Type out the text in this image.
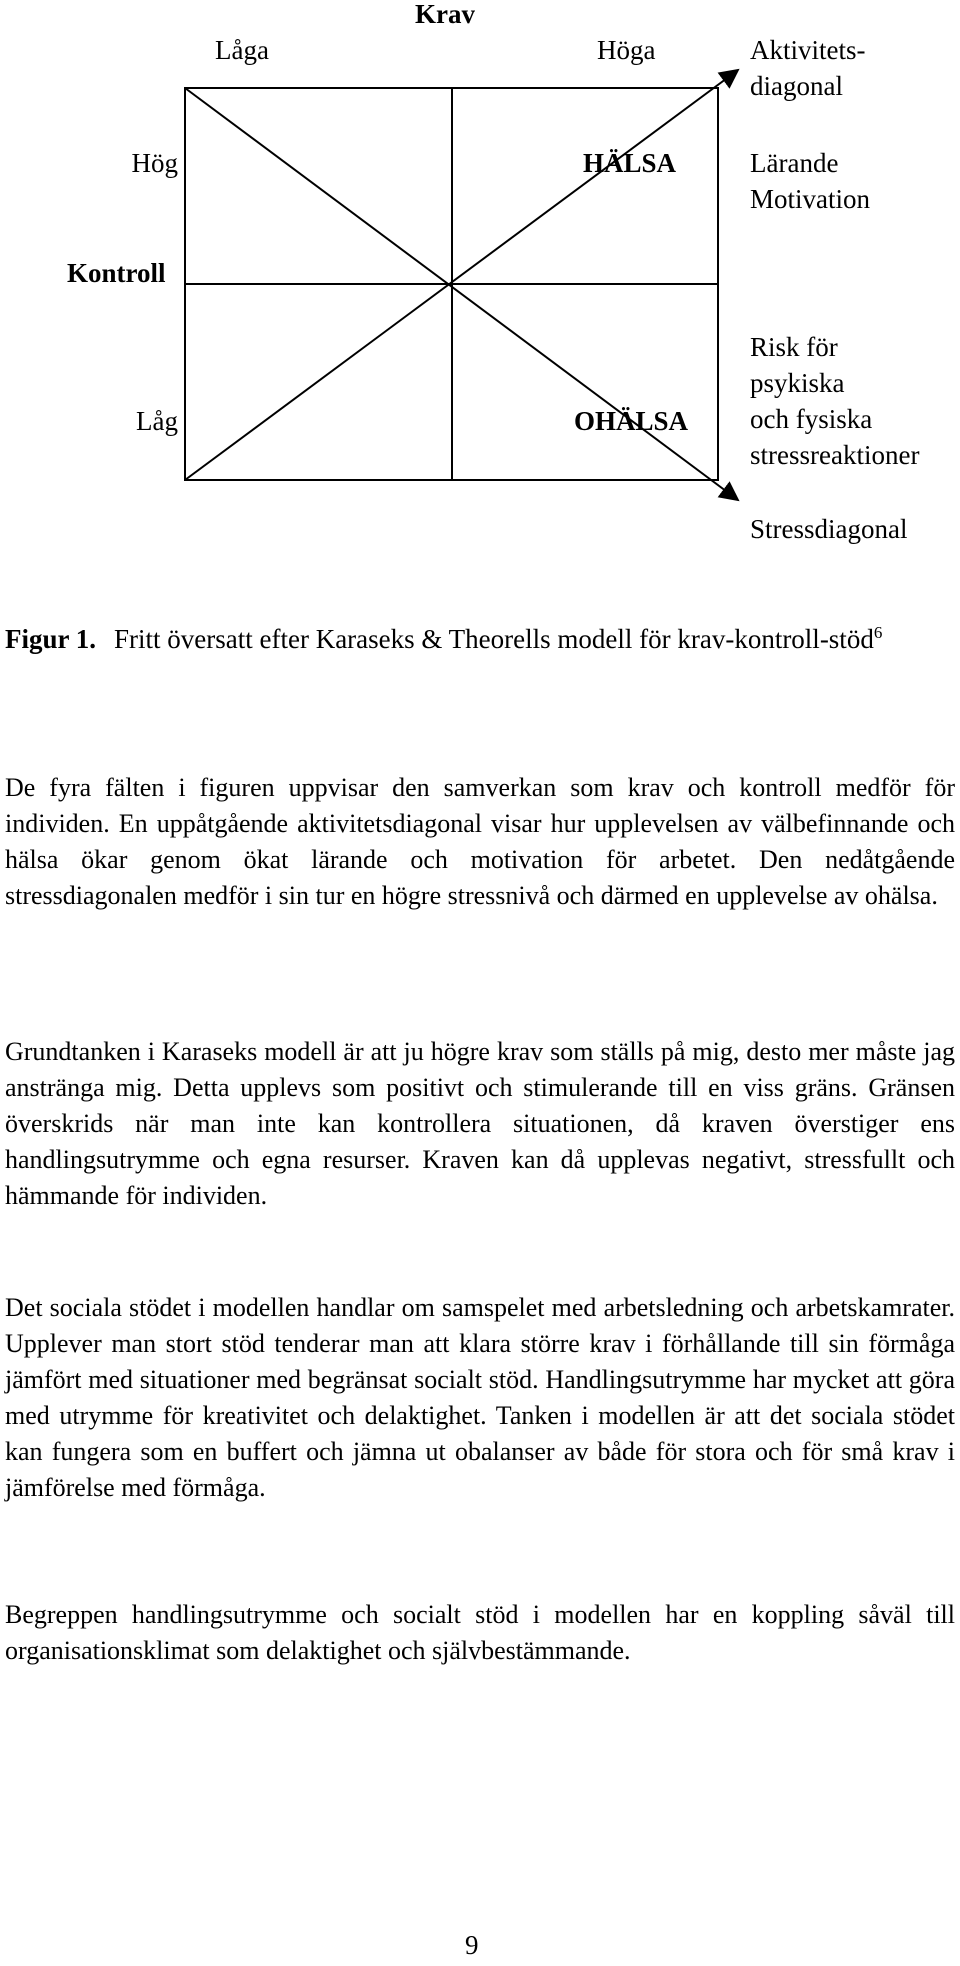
Krav
Låga	Höga	Aktivitets-
diagonal
Hög	HÄLSA	Lärande
Motivation
Kontroll
Risk för
psykiska
Låg	OHÄLSA och fysiska
stressreaktioner
Stressdiagonal
Figur 1. Fritt översatt efter Karaseks & Theorells modell för krav-kontroll-stöd$^6$

De fyra fälten i figuren uppvisar den samverkan som krav och kontroll medför för individen. En uppåtgående aktivitetsdiagonal visar hur upplevelsen av välbefinnande och hälsa ökar genom ökat lärande och motivation för arbetet. Den nedåtgående stressdiagonalen medför i sin tur en högre stressnivå och därmed en upplevelse av ohälsa.

Grundtanken i Karaseks modell är att ju högre krav som ställs på mig, desto mer måste jag anstränga mig. Detta upplevs som positivt och stimulerande till en viss gräns. Gränsen överskrids när man inte kan kontrollera situationen, då kraven överstiger ens handlingsutrymme och egna resurser. Kraven kan då upplevas negativt, stressfullt och hämmande för individen.

Det sociala stödet i modellen handlar om samspelet med arbetsledning och arbetskamrater. Upplever man stort stöd tenderar man att klara större krav i förhållande till sin förmåga jämfört med situationer med begränsat socialt stöd. Handlingsutrymme har mycket att göra med utrymme för kreativitet och delaktighet. Tanken i modellen är att det sociala stödet kan fungera som en buffert och jämna ut obalanser av både för stora och för små krav i jämförelse med förmåga.

Begreppen handlingsutrymme och socialt stöd i modellen har en koppling såväl till organisationsklimat som delaktighet och självbestämmande.

9
